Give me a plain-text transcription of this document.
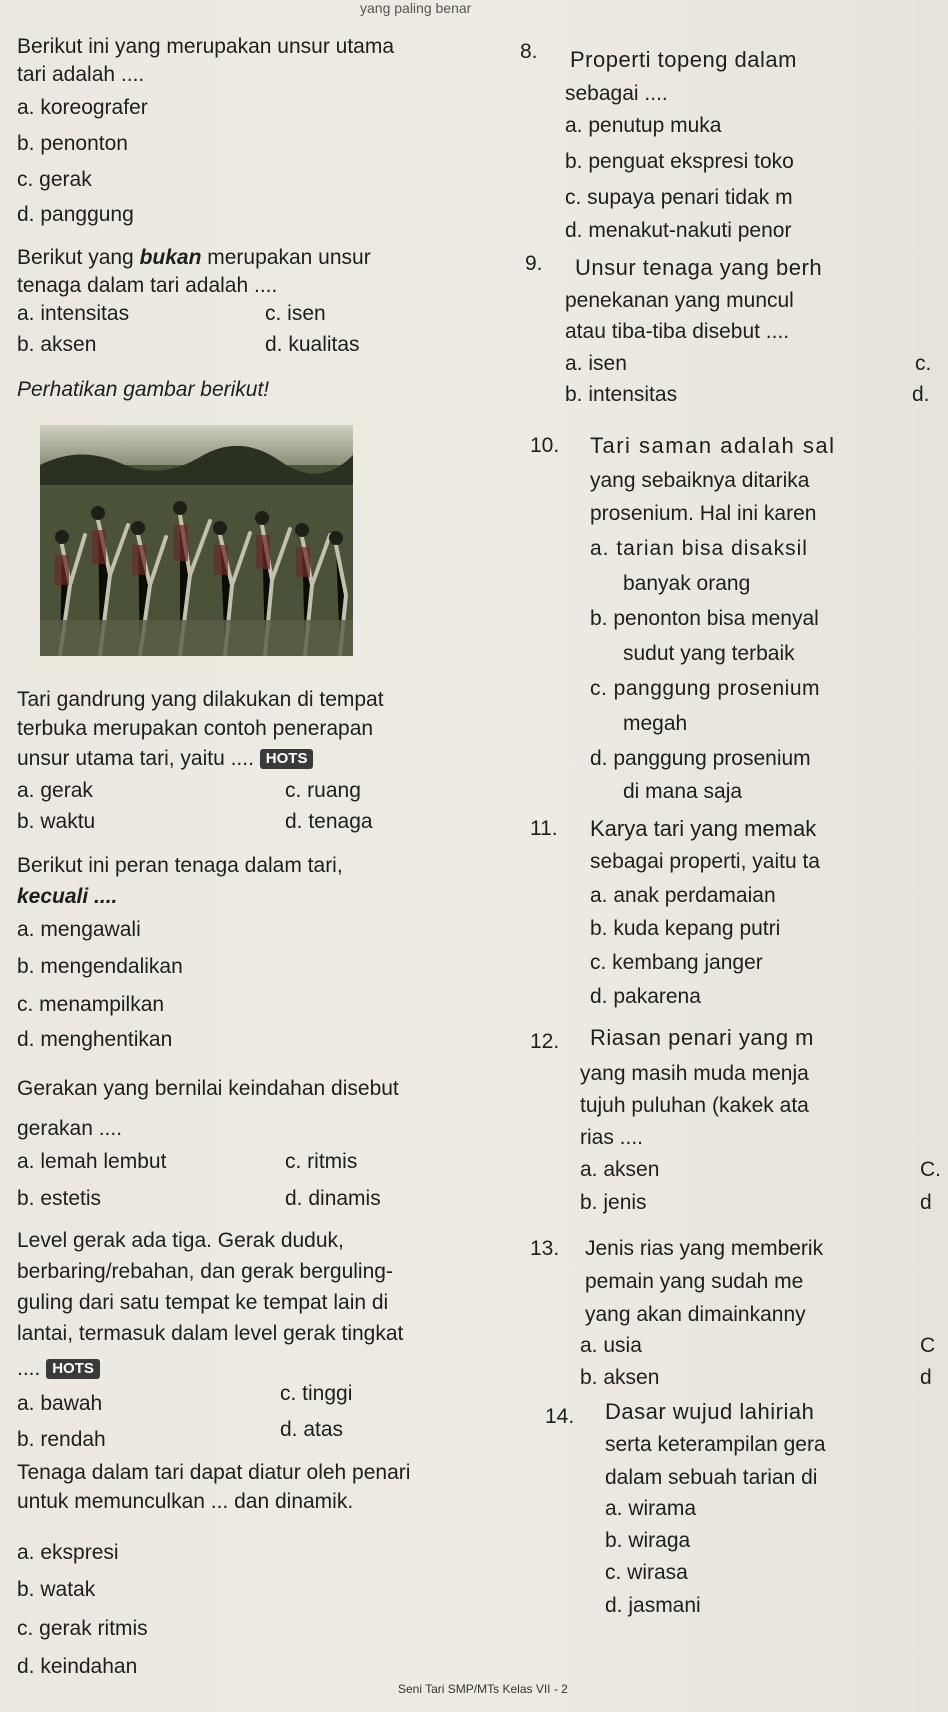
yang paling benar
Berikut ini yang merupakan unsur utama
tari adalah ....
a. koreografer
b. penonton
c. gerak
d. panggung
Berikut yang bukan merupakan unsur
tenaga dalam tari adalah ....
a. intensitas	c. isen
b. aksen	d. kualitas
Perhatikan gambar berikut!
Tari gandrung yang dilakukan di tempat
terbuka merupakan contoh penerapan
unsur utama tari, yaitu .... HOTS
a. gerak	c. ruang
b. waktu	d. tenaga
Berikut ini peran tenaga dalam tari,
kecuali ....
a. mengawali
b. mengendalikan
c. menampilkan
d. menghentikan
Gerakan yang bernilai keindahan disebut
gerakan ....
a. lemah lembut	c. ritmis
b. estetis	d. dinamis
Level gerak ada tiga. Gerak duduk,
berbaring/rebahan, dan gerak berguling-
guling dari satu tempat ke tempat lain di
lantai, termasuk dalam level gerak tingkat
.... HOTS
a. bawah	c. tinggi
b. rendah	d. atas
Tenaga dalam tari dapat diatur oleh penari
untuk memunculkan ... dan dinamik.
a. ekspresi
b. watak
c. gerak ritmis
d. keindahan
8. Properti topeng dalam
sebagai ....
a. penutup muka
b. penguat ekspresi toko
c. supaya penari tidak m
d. menakut-nakuti penor
9. Unsur tenaga yang berh
penekanan yang muncul
atau tiba-tiba disebut ....
a. isen	c.
b. intensitas	d.
10. Tari saman adalah sal
yang sebaiknya ditarika
prosenium. Hal ini karen
a. tarian bisa disaksil
banyak orang
b. penonton bisa menyal
sudut yang terbaik
c. panggung prosenium
megah
d. panggung prosenium
di mana saja
11. Karya tari yang memak
sebagai properti, yaitu ta
a. anak perdamaian
b. kuda kepang putri
c. kembang janger
d. pakarena
12. Riasan penari yang m
yang masih muda menja
tujuh puluhan (kakek ata
rias ....
a. aksen	C.
b. jenis	d
13. Jenis rias yang memberik
pemain yang sudah me
yang akan dimainkanny
a. usia	C
b. aksen	d
14. Dasar wujud lahiriah
serta keterampilan gera
dalam sebuah tarian di
a. wirama
b. wiraga
c. wirasa
d. jasmani
Seni Tari SMP/MTs Kelas VII - 2
